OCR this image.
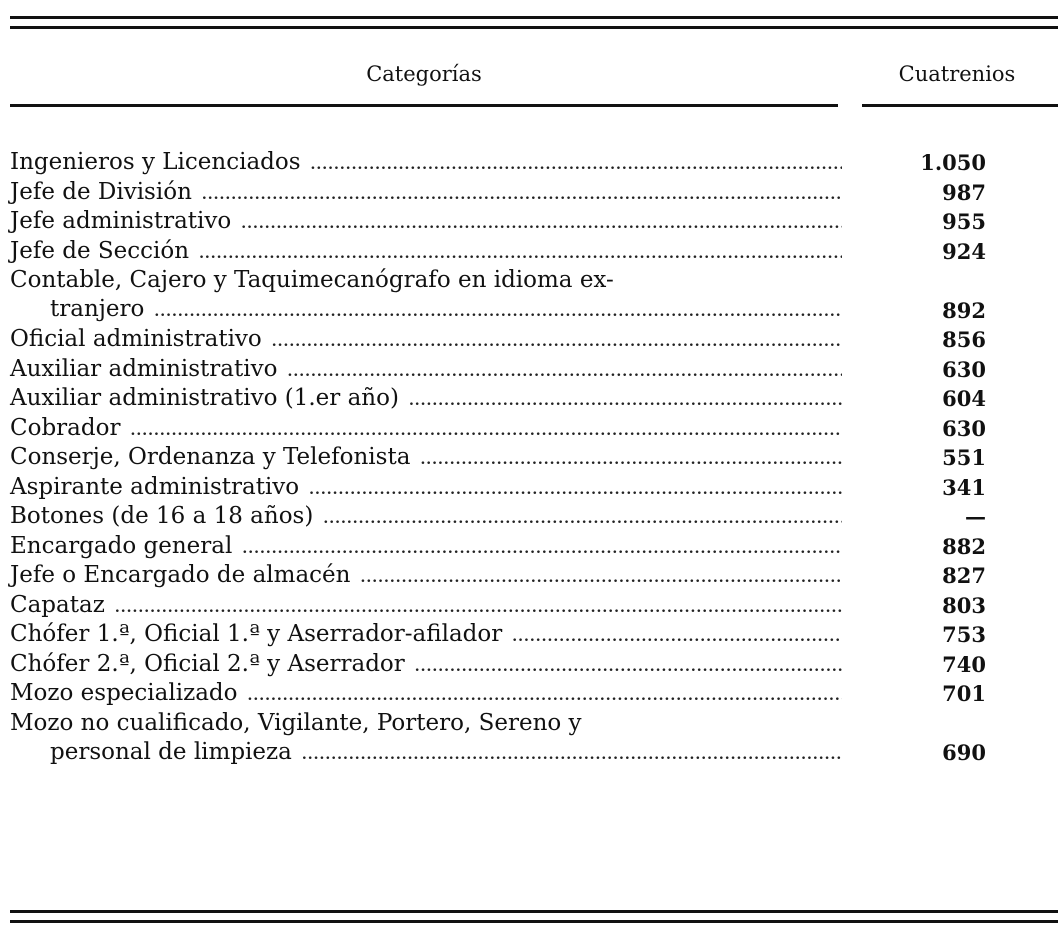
Categorías	Cuatrenios
Ingenieros y Licenciados .....	1.050
Jefe de División .....	987
Jefe administrativo .....	955
Jefe de Sección .....	924
Contable, Cajero y Taquimecanógrafo en idioma ex-
tranjero .....	892
Oficial administrativo .....	856
Auxiliar administrativo .....	630
Auxiliar administrativo (1.er año) .....	604
Cobrador .....	630
Conserje, Ordenanza y Telefonista .....	551
Aspirante administrativo .....	341
Botones (de 16 a 18 años) .....	—
Encargado general .....	882
Jefe o Encargado de almacén .....	827
Capataz .....	803
Chófer 1.ª, Oficial 1.ª y Aserrador-afilador .....	753
Chófer 2.ª, Oficial 2.ª y Aserrador .....	740
Mozo especializado .....	701
Mozo no cualificado, Vigilante, Portero, Sereno y
personal de limpieza .....	690
